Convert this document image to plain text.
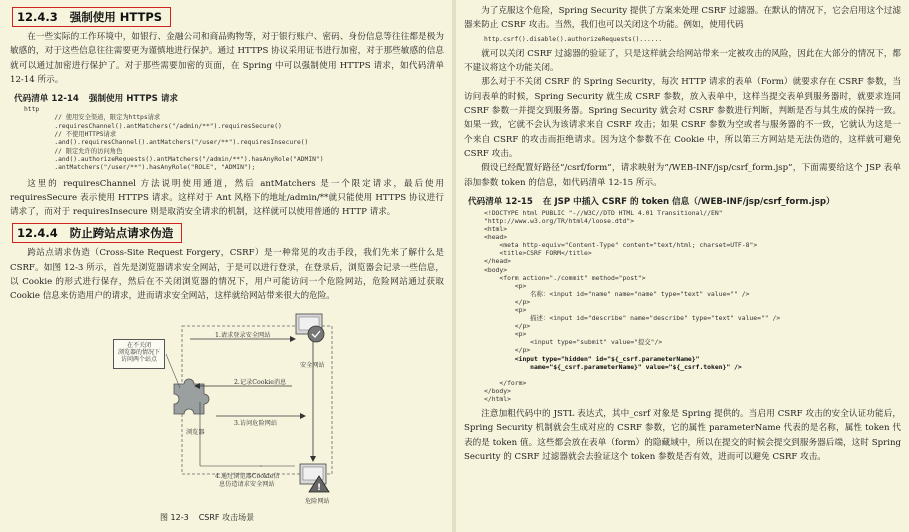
12.4.3 强制使用 HTTPS

在一些实际的工作环境中，如银行、金融公司和商品购物等，对于银行账户、密码、身份信息等往往都是极为敏感的，对于这些信息往往需要更为谨慎地进行保护。通过 HTTPS 协议采用证书进行加密，对于那些敏感的信息就可以通过加密进行保护了。对于那些需要加密的页面，在 Spring 中可以强制使用 HTTPS 请求，如代码清单 12-14 所示。

代码清单 12-14 强制使用 HTTPS 请求
http
// 使用安全渠道，限定为https请求
.requiresChannel().antMatchers("/admin/**").requiresSecure()
// 不使用HTTPS请求
.and().requiresChannel().antMatchers("/user/**").requiresInsecure()
// 限定允许的访问角色
.and().authorizeRequests().antMatchers("/admin/**").hasAnyRole("ADMIN")
.antMatchers("/user/**").hasAnyRole("ROLE", "ADMIN");

这里的 requiresChannel 方法说明使用通道，然后 antMatchers 是一个限定请求，最后使用 requiresSecure 表示使用 HTTPS 请求。这样对于 Ant 风格下的地址/admin/**就只能使用 HTTPS 协议进行请求了，而对于 requiresInsecure 则是取消安全请求的机制，这样就可以使用普通的 HTTP 请求。

12.4.4 防止跨站点请求伪造

跨站点请求伪造（Cross-Site Request Forgery，CSRF）是一种常见的攻击手段，我们先来了解什么是 CSRF。如图 12-3 所示，首先是浏览器请求安全网站，于是可以进行登录，在登录后，浏览器会记录一些信息，以 Cookie 的形式进行保存，然后在不关闭浏览器的情况下，用户可能访问一个危险网站，危险网站通过获取 Cookie 信息来仿造用户的请求，进而请求安全网站，这样就给网站带来很大的危险。

!
在不关闭
浏览器的情况下
访问两个站点
1.请求登录安全网站
2.记录Cookie消息
3.访问危险网站
4.通过浏览器Cookie信
息仿造请求安全网站
浏览器
安全网站
危险网站
图 12-3 CSRF 攻击场景

为了克服这个危险，Spring Security 提供了方案来处理 CSRF 过滤器。在默认的情况下，它会启用这个过滤器来防止 CSRF 攻击。当然，我们也可以关闭这个功能。例如，使用代码

http.csrf().disable().authorizeRequests()......

就可以关闭 CSRF 过滤器的验证了，只是这样就会给网站带来一定被攻击的风险，因此在大部分的情况下，都不建议将这个功能关闭。

那么对于不关闭 CSRF 的 Spring Security，每次 HTTP 请求的表单（Form）就要求存在 CSRF 参数，当访问表单的时候，Spring Security 就生成 CSRF 参数，放入表单中，这样当提交表单到服务器时，就要求连同 CSRF 参数一并提交到服务器。Spring Security 就会对 CSRF 参数进行判断，判断是否与其生成的保持一致。如果一致，它就不会认为该请求来自 CSRF 攻击；如果 CSRF 参数为空或者与服务器的不一致，它就认为这是一个来自 CSRF 的攻击而拒绝请求。因为这个参数不在 Cookie 中，所以第三方网站是无法伪造的，这样就可避免 CSRF 攻击。

假设已经配置好路径“/csrf/form”，请求映射为“/WEB-INF/jsp/csrf_form.jsp”，下面需要给这个 JSP 表单添加参数 token 的信息，如代码清单 12-15 所示。

代码清单 12-15 在 JSP 中插入 CSRF 的 token 信息（/WEB-INF/jsp/csrf_form.jsp）
<!DOCTYPE html PUBLIC "-//W3C//DTD HTML 4.01 Transitional//EN"
"http://www.w3.org/TR/html4/loose.dtd">
<html>
<head>
<meta http-equiv="Content-Type" content="text/html; charset=UTF-8">
<title>CSRF FORM</title>
</head>
<body>
<form action="./commit" method="post">
<p>
名称：<input id="name" name="name" type="text" value="" />
</p>
<p>
描述：<input id="describe" name="describe" type="text" value="" />
</p>
<p>
<input type="submit" value="提交"/>
</p>
<input type="hidden" id="${_csrf.parameterName}"
name="${_csrf.parameterName}" value="${_csrf.token}" />
</form>
</body>
</html>

注意加粗代码中的 JSTL 表达式，其中_csrf 对象是 Spring 提供的。当启用 CSRF 攻击的安全认证功能后，Spring Security 机制就会生成对应的 CSRF 参数，它的属性 parameterName 代表的是名称，属性 token 代表的是 token 值。这些都会放在表单（form）的隐藏域中，所以在提交的时候会提交到服务器后端，这时 Spring Security 的 CSRF 过滤器就会去验证这个 token 参数是否有效，进而可以避免 CSRF 攻击。
